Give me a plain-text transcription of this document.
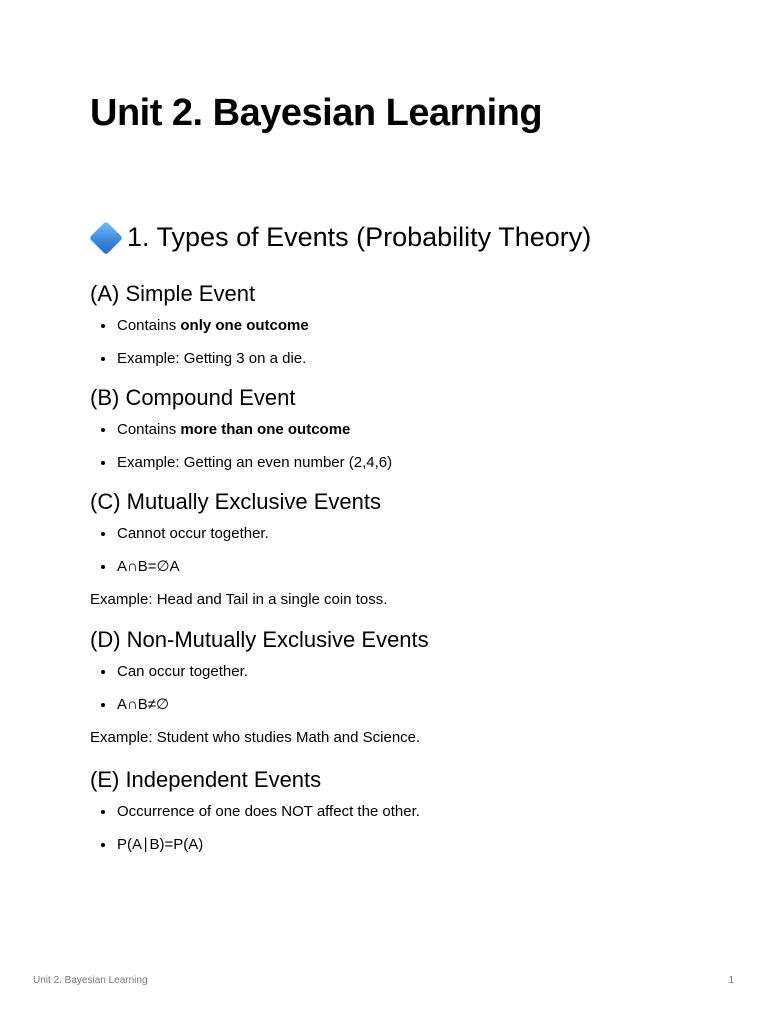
Unit 2. Bayesian Learning
1. Types of Events (Probability Theory)
(A) Simple Event
Contains only one outcome
Example: Getting 3 on a die.
(B) Compound Event
Contains more than one outcome
Example: Getting an even number (2,4,6)
(C) Mutually Exclusive Events
Cannot occur together.
A∩B=∅A

Example: Head and Tail in a single coin toss.

(D) Non-Mutually Exclusive Events
Can occur together.
A∩B≠∅

Example: Student who studies Math and Science.

(E) Independent Events
Occurrence of one does NOT affect the other.
P(A∣B)=P(A)
Unit 2. Bayesian Learning	1
